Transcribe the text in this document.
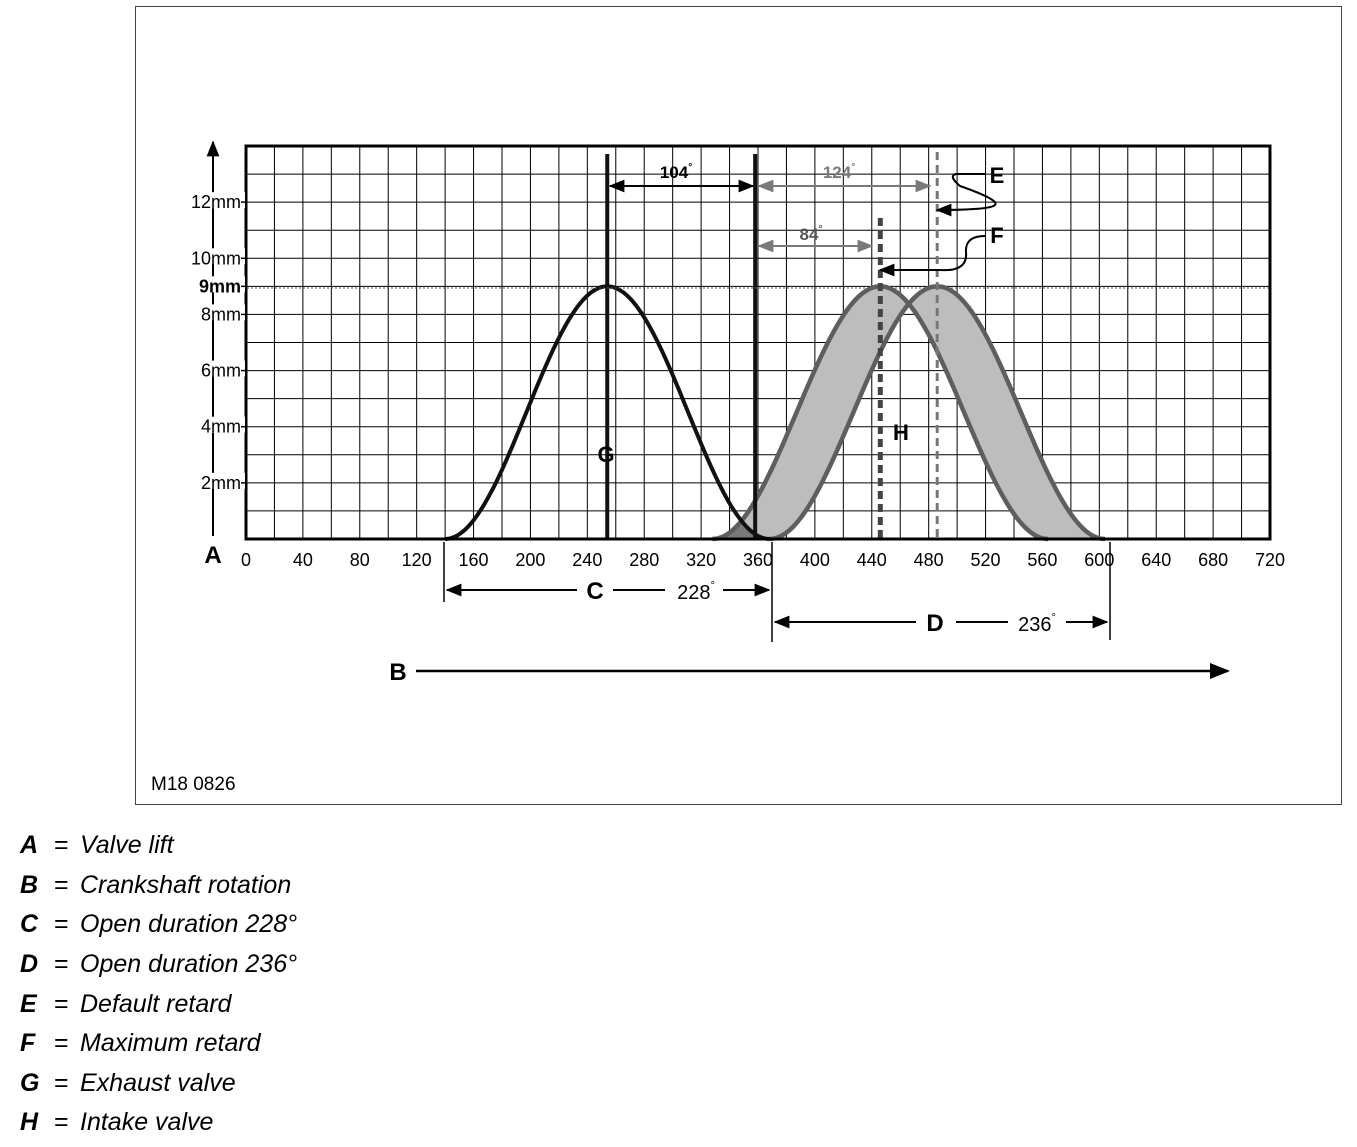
2mm
4mm
6mm
8mm
9mm
10mm
12mm
A 0 40 80 120 160 200 240 280 320 360 400 440 480 520 560 600 640 680 720
G
H
104°	124°
84°
E
F
C	228°
D	236°
B
M18 0826
A = Valve lift
B = Crankshaft rotation
C = Open duration 228°
D = Open duration 236°
E = Default retard
F = Maximum retard
G = Exhaust valve
H = Intake valve
